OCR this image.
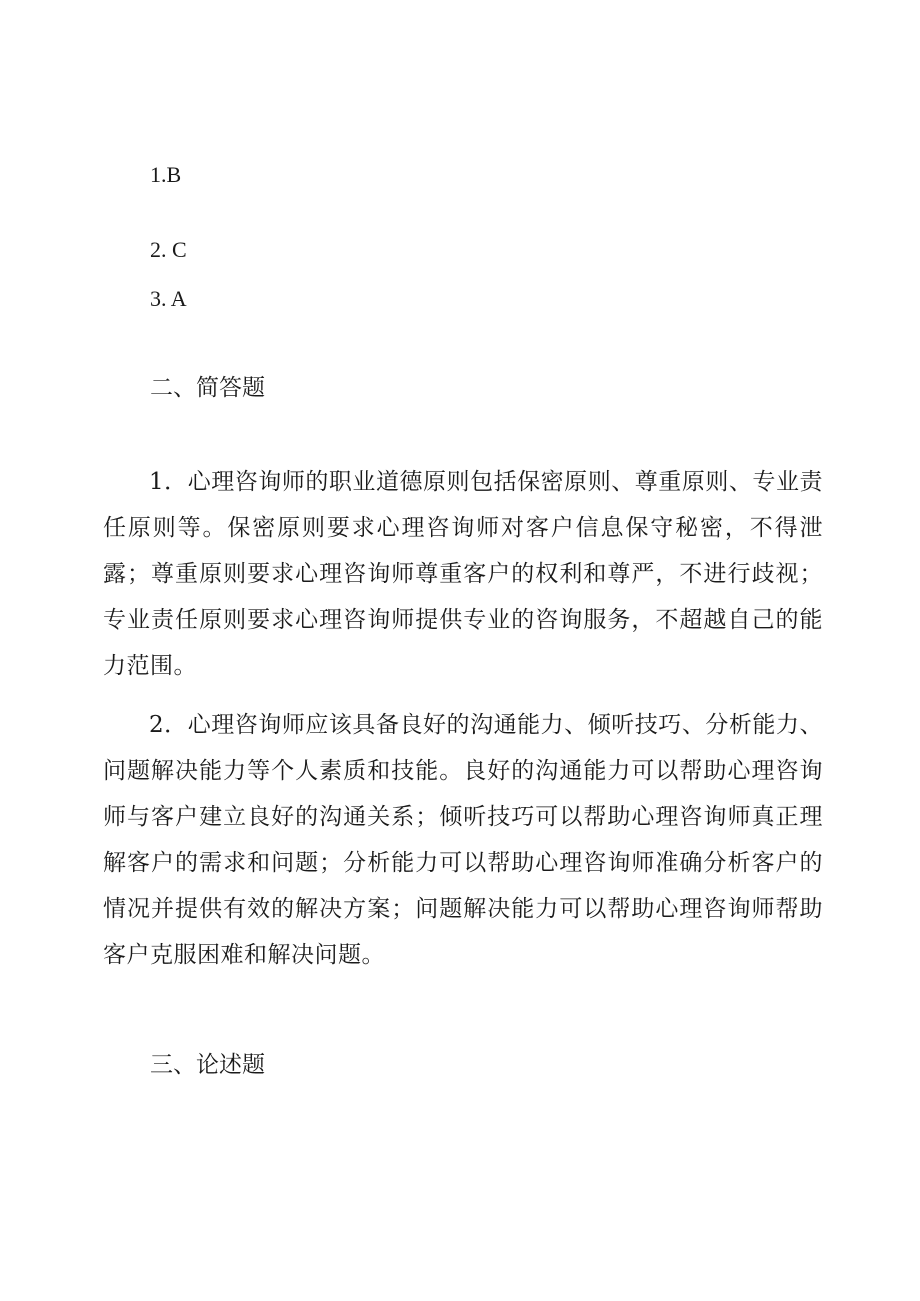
1.B
2. C
3. A
二、简答题
1．心理咨询师的职业道德原则包括保密原则、尊重原则、专业责任原则等。保密原则要求心理咨询师对客户信息保守秘密，不得泄露；尊重原则要求心理咨询师尊重客户的权利和尊严，不进行歧视；专业责任原则要求心理咨询师提供专业的咨询服务，不超越自己的能力范围。
2．心理咨询师应该具备良好的沟通能力、倾听技巧、分析能力、问题解决能力等个人素质和技能。良好的沟通能力可以帮助心理咨询师与客户建立良好的沟通关系；倾听技巧可以帮助心理咨询师真正理解客户的需求和问题；分析能力可以帮助心理咨询师准确分析客户的情况并提供有效的解决方案；问题解决能力可以帮助心理咨询师帮助客户克服困难和解决问题。
三、论述题
